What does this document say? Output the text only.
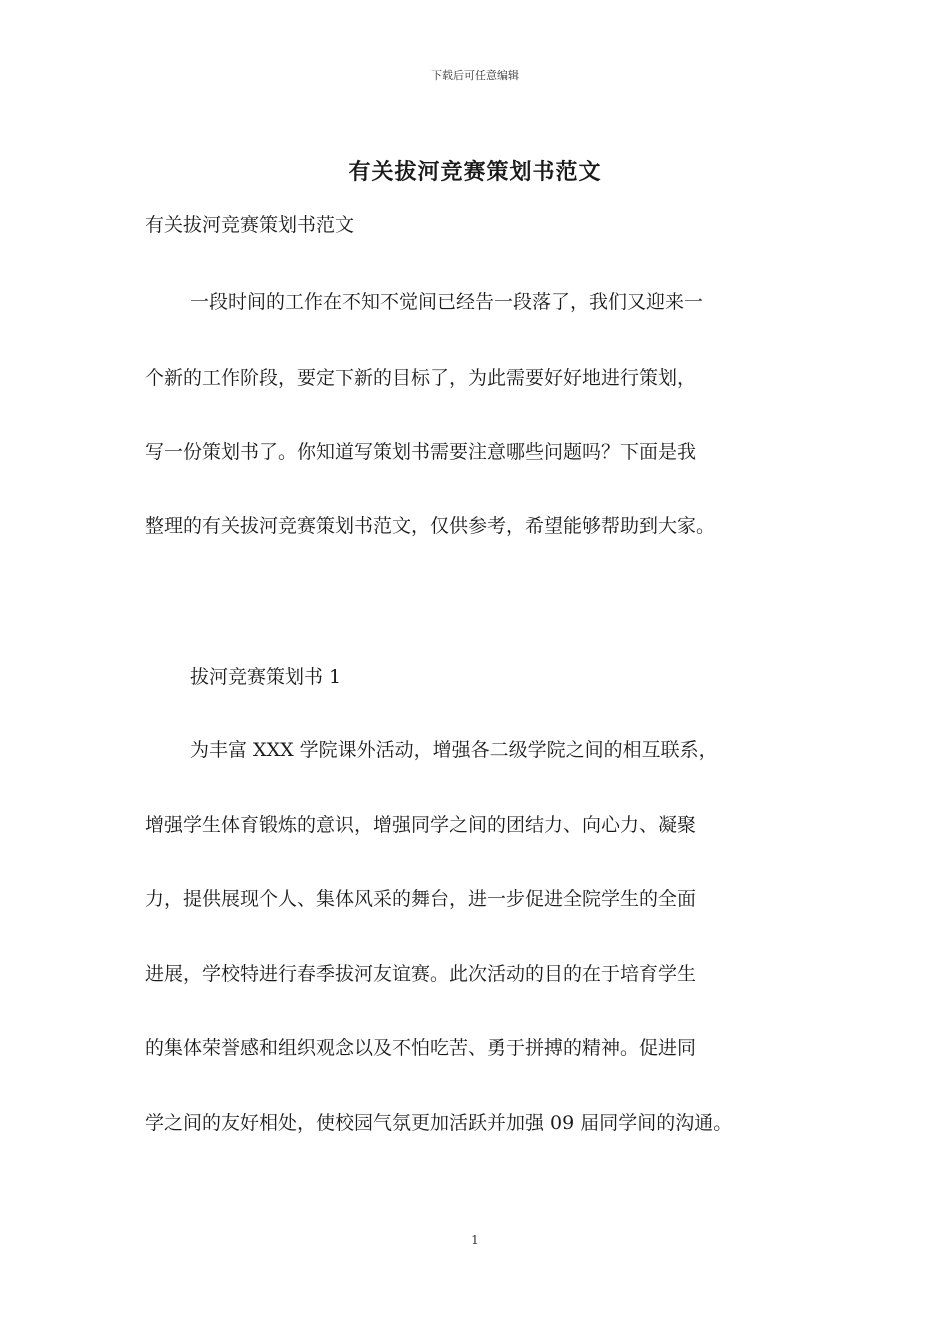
下载后可任意编辑
有关拔河竞赛策划书范文
有关拔河竞赛策划书范文
一段时间的工作在不知不觉间已经告一段落了，我们又迎来一
个新的工作阶段，要定下新的目标了，为此需要好好地进行策划，
写一份策划书了。你知道写策划书需要注意哪些问题吗？下面是我
整理的有关拔河竞赛策划书范文，仅供参考，希望能够帮助到大家。
拔河竞赛策划书 1
为丰富 XXX 学院课外活动，增强各二级学院之间的相互联系，
增强学生体育锻炼的意识，增强同学之间的团结力、向心力、凝聚
力，提供展现个人、集体风采的舞台，进一步促进全院学生的全面
进展，学校特进行春季拔河友谊赛。此次活动的目的在于培育学生
的集体荣誉感和组织观念以及不怕吃苦、勇于拼搏的精神。促进同
学之间的友好相处，使校园气氛更加活跃并加强 09 届同学间的沟通。
1
